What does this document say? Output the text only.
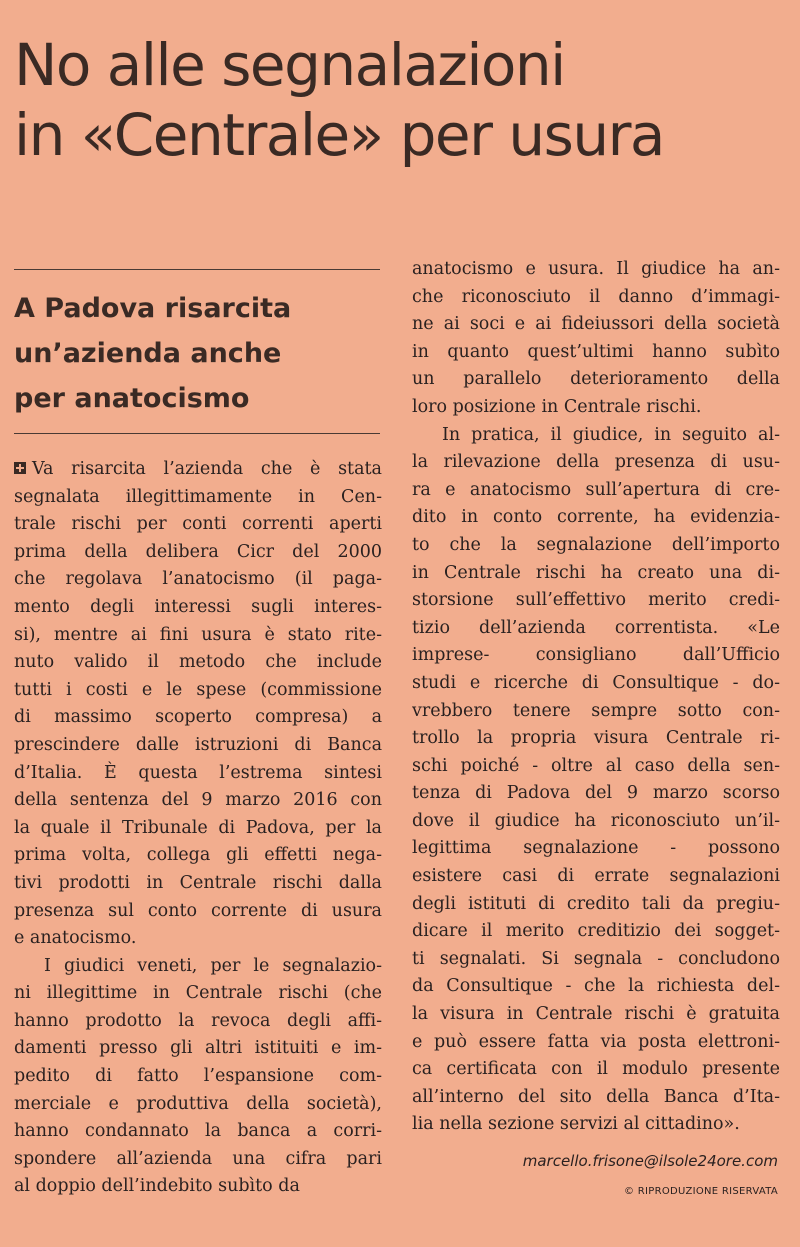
No alle segnalazioni
in «Centrale» per usura
A Padova risarcita
un’azienda anche
per anatocismo
Va risarcita l’azienda che è stata
segnalata illegittimamente in Cen-
trale rischi per conti correnti aperti
prima della delibera Cicr del 2000
che regolava l’anatocismo (il paga-
mento degli interessi sugli interes-
si), mentre ai fini usura è stato rite-
nuto valido il metodo che include
tutti i costi e le spese (commissione
di massimo scoperto compresa) a
prescindere dalle istruzioni di Banca
d’Italia. È questa l’estrema sintesi
della sentenza del 9 marzo 2016 con
la quale il Tribunale di Padova, per la
prima volta, collega gli effetti nega-
tivi prodotti in Centrale rischi dalla
presenza sul conto corrente di usura
e anatocismo.
I giudici veneti, per le segnalazio-
ni illegittime in Centrale rischi (che
hanno prodotto la revoca degli affi-
damenti presso gli altri istituiti e im-
pedito di fatto l’espansione com-
merciale e produttiva della società),
hanno condannato la banca a corri-
spondere all’azienda una cifra pari
al doppio dell’indebito subìto da
anatocismo e usura. Il giudice ha an-
che riconosciuto il danno d’immagi-
ne ai soci e ai fideiussori della società
in quanto quest’ultimi hanno subìto
un parallelo deterioramento della
loro posizione in Centrale rischi.
In pratica, il giudice, in seguito al-
la rilevazione della presenza di usu-
ra e anatocismo sull’apertura di cre-
dito in conto corrente, ha evidenzia-
to che la segnalazione dell’importo
in Centrale rischi ha creato una di-
storsione sull’effettivo merito credi-
tizio dell’azienda correntista. «Le
imprese- consigliano dall’Ufficio
studi e ricerche di Consultique - do-
vrebbero tenere sempre sotto con-
trollo la propria visura Centrale ri-
schi poiché - oltre al caso della sen-
tenza di Padova del 9 marzo scorso
dove il giudice ha riconosciuto un’il-
legittima segnalazione - possono
esistere casi di errate segnalazioni
degli istituti di credito tali da pregiu-
dicare il merito creditizio dei sogget-
ti segnalati. Si segnala - concludono
da Consultique - che la richiesta del-
la visura in Centrale rischi è gratuita
e può essere fatta via posta elettroni-
ca certificata con il modulo presente
all’interno del sito della Banca d’Ita-
lia nella sezione servizi al cittadino».
marcello.frisone@ilsole24ore.com
© RIPRODUZIONE RISERVATA
